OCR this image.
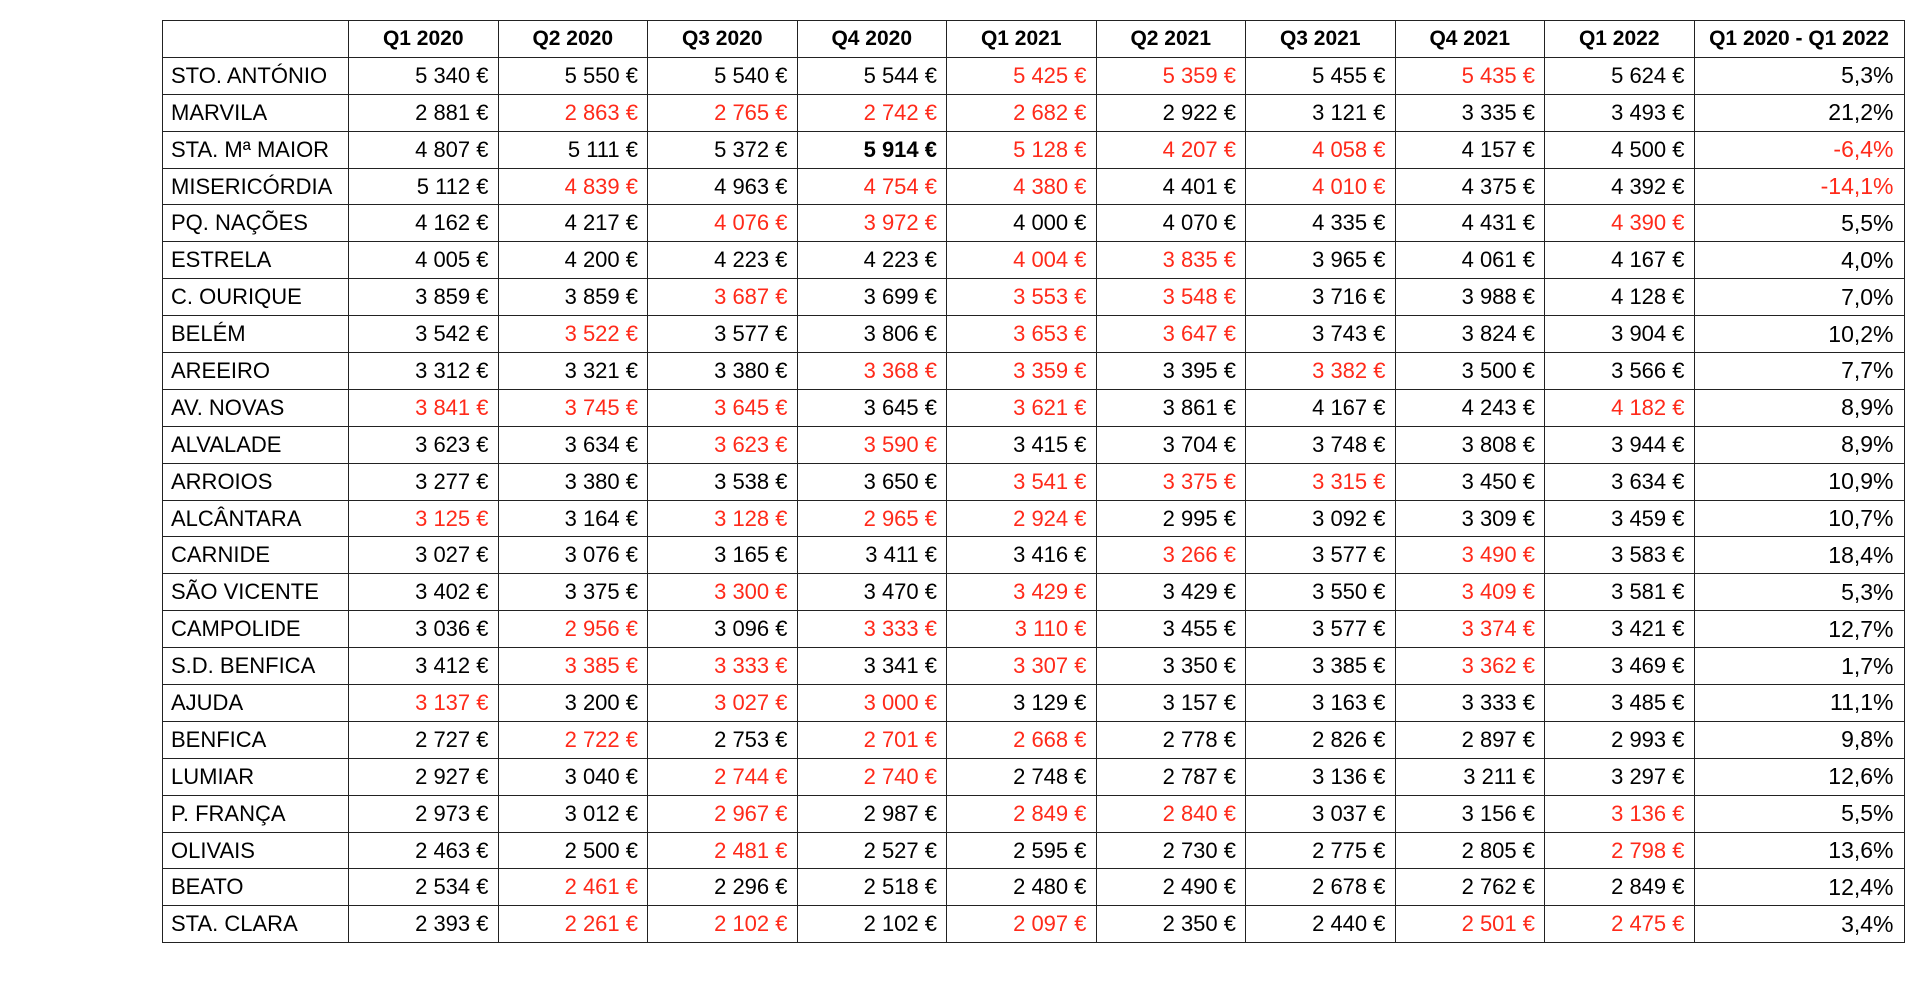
	Q1 2020	Q2 2020	Q3 2020	Q4 2020	Q1 2021	Q2 2021	Q3 2021	Q4 2021	Q1 2022	Q1 2020 - Q1 2022
STO. ANTÓNIO	5 340 €	5 550 €	5 540 €	5 544 €	5 425 €	5 359 €	5 455 €	5 435 €	5 624 €	5,3%
MARVILA	2 881 €	2 863 €	2 765 €	2 742 €	2 682 €	2 922 €	3 121 €	3 335 €	3 493 €	21,2%
STA. Mª MAIOR	4 807 €	5 111 €	5 372 €	5 914 €	5 128 €	4 207 €	4 058 €	4 157 €	4 500 €	-6,4%
MISERICÓRDIA	5 112 €	4 839 €	4 963 €	4 754 €	4 380 €	4 401 €	4 010 €	4 375 €	4 392 €	-14,1%
PQ. NAÇÕES	4 162 €	4 217 €	4 076 €	3 972 €	4 000 €	4 070 €	4 335 €	4 431 €	4 390 €	5,5%
ESTRELA	4 005 €	4 200 €	4 223 €	4 223 €	4 004 €	3 835 €	3 965 €	4 061 €	4 167 €	4,0%
C. OURIQUE	3 859 €	3 859 €	3 687 €	3 699 €	3 553 €	3 548 €	3 716 €	3 988 €	4 128 €	7,0%
BELÉM	3 542 €	3 522 €	3 577 €	3 806 €	3 653 €	3 647 €	3 743 €	3 824 €	3 904 €	10,2%
AREEIRO	3 312 €	3 321 €	3 380 €	3 368 €	3 359 €	3 395 €	3 382 €	3 500 €	3 566 €	7,7%
AV. NOVAS	3 841 €	3 745 €	3 645 €	3 645 €	3 621 €	3 861 €	4 167 €	4 243 €	4 182 €	8,9%
ALVALADE	3 623 €	3 634 €	3 623 €	3 590 €	3 415 €	3 704 €	3 748 €	3 808 €	3 944 €	8,9%
ARROIOS	3 277 €	3 380 €	3 538 €	3 650 €	3 541 €	3 375 €	3 315 €	3 450 €	3 634 €	10,9%
ALCÂNTARA	3 125 €	3 164 €	3 128 €	2 965 €	2 924 €	2 995 €	3 092 €	3 309 €	3 459 €	10,7%
CARNIDE	3 027 €	3 076 €	3 165 €	3 411 €	3 416 €	3 266 €	3 577 €	3 490 €	3 583 €	18,4%
SÃO VICENTE	3 402 €	3 375 €	3 300 €	3 470 €	3 429 €	3 429 €	3 550 €	3 409 €	3 581 €	5,3%
CAMPOLIDE	3 036 €	2 956 €	3 096 €	3 333 €	3 110 €	3 455 €	3 577 €	3 374 €	3 421 €	12,7%
S.D. BENFICA	3 412 €	3 385 €	3 333 €	3 341 €	3 307 €	3 350 €	3 385 €	3 362 €	3 469 €	1,7%
AJUDA	3 137 €	3 200 €	3 027 €	3 000 €	3 129 €	3 157 €	3 163 €	3 333 €	3 485 €	11,1%
BENFICA	2 727 €	2 722 €	2 753 €	2 701 €	2 668 €	2 778 €	2 826 €	2 897 €	2 993 €	9,8%
LUMIAR	2 927 €	3 040 €	2 744 €	2 740 €	2 748 €	2 787 €	3 136 €	3 211 €	3 297 €	12,6%
P. FRANÇA	2 973 €	3 012 €	2 967 €	2 987 €	2 849 €	2 840 €	3 037 €	3 156 €	3 136 €	5,5%
OLIVAIS	2 463 €	2 500 €	2 481 €	2 527 €	2 595 €	2 730 €	2 775 €	2 805 €	2 798 €	13,6%
BEATO	2 534 €	2 461 €	2 296 €	2 518 €	2 480 €	2 490 €	2 678 €	2 762 €	2 849 €	12,4%
STA. CLARA	2 393 €	2 261 €	2 102 €	2 102 €	2 097 €	2 350 €	2 440 €	2 501 €	2 475 €	3,4%
